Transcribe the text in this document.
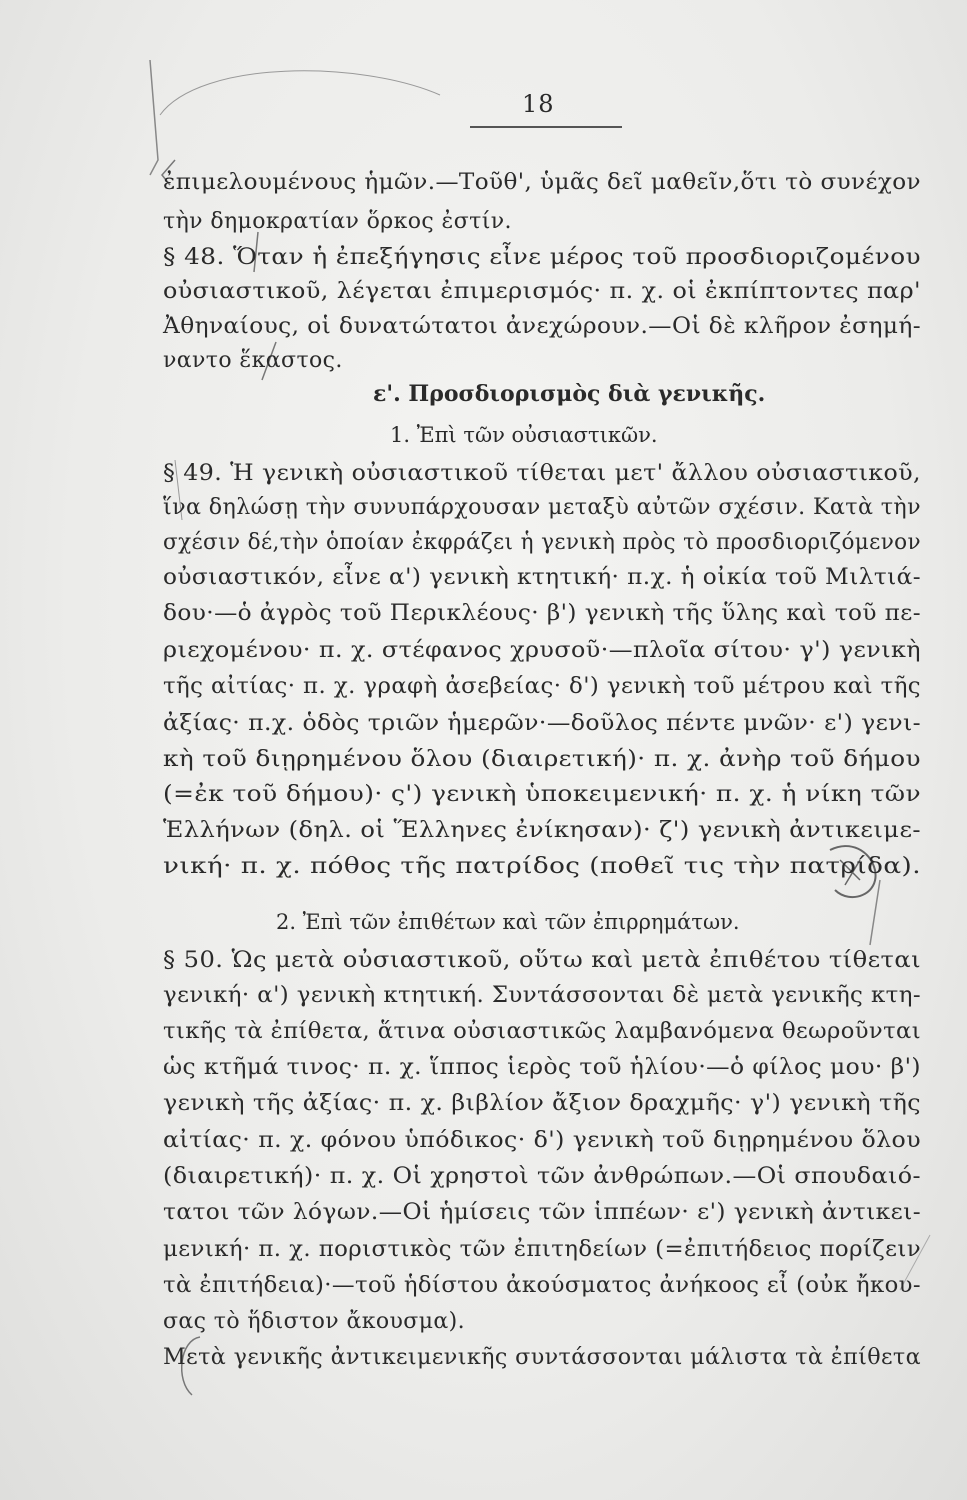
18
ε'. Προσδιορισμὸς διὰ γενικῆς.
1. Ἐπὶ τῶν οὐσιαστικῶν.
2. Ἐπὶ τῶν ἐπιθέτων καὶ τῶν ἐπιρρημάτων.
ἐπιμελουμένους ἡμῶν.—Τοῦθ', ὑμᾶς δεῖ μαθεῖν,ὅτι τὸ συνέχον
τὴν δημοκρατίαν ὅρκος ἐστίν.
§ 48. Ὅταν ἡ ἐπεξήγησις εἶνε μέρος τοῦ προσδιοριζομένου
οὐσιαστικοῦ, λέγεται ἐπιμερισμός· π. χ. οἱ ἐκπίπτοντες παρ'
Ἀθηναίους, οἱ δυνατώτατοι ἀνεχώρουν.—Οἱ δὲ κλῆρον ἐσημή-
ναντο ἕκαστος.
§ 49. Ἡ γενικὴ οὐσιαστικοῦ τίθεται μετ' ἄλλου οὐσιαστικοῦ,
ἵνα δηλώσῃ τὴν συνυπάρχουσαν μεταξὺ αὐτῶν σχέσιν. Κατὰ τὴν
σχέσιν δέ,τὴν ὁποίαν ἐκφράζει ἡ γενικὴ πρὸς τὸ προσδιοριζόμενον
οὐσιαστικόν, εἶνε α') γενικὴ κτητική· π.χ. ἡ οἰκία τοῦ Μιλτιά-
δου·—ὁ ἀγρὸς τοῦ Περικλέους· β') γενικὴ τῆς ὕλης καὶ τοῦ πε-
ριεχομένου· π. χ. στέφανος χρυσοῦ·—πλοῖα σίτου· γ') γενικὴ
τῆς αἰτίας· π. χ. γραφὴ ἀσεβείας· δ') γενικὴ τοῦ μέτρου καὶ τῆς
ἀξίας· π.χ. ὁδὸς τριῶν ἡμερῶν·—δοῦλος πέντε μνῶν· ε') γενι-
κὴ τοῦ διῃρημένου ὅλου (διαιρετική)· π. χ. ἀνὴρ τοῦ δήμου
(=ἐκ τοῦ δήμου)· ς') γενικὴ ὑποκειμενική· π. χ. ἡ νίκη τῶν
Ἑλλήνων (δηλ. οἱ Ἕλληνες ἐνίκησαν)· ζ') γενικὴ ἀντικειμε-
νική· π. χ. πόθος τῆς πατρίδος (ποθεῖ τις τὴν πατρίδα).
§ 50. Ὡς μετὰ οὐσιαστικοῦ, οὕτω καὶ μετὰ ἐπιθέτου τίθεται
γενική· α') γενικὴ κτητική. Συντάσσονται δὲ μετὰ γενικῆς κτη-
τικῆς τὰ ἐπίθετα, ἅτινα οὐσιαστικῶς λαμβανόμενα θεωροῦνται
ὡς κτῆμά τινος· π. χ. ἵππος ἱερὸς τοῦ ἡλίου·—ὁ φίλος μου· β')
γενικὴ τῆς ἀξίας· π. χ. βιβλίον ἄξιον δραχμῆς· γ') γενικὴ τῆς
αἰτίας· π. χ. φόνου ὑπόδικος· δ') γενικὴ τοῦ διῃρημένου ὅλου
(διαιρετική)· π. χ. Οἱ χρηστοὶ τῶν ἀνθρώπων.—Οἱ σπουδαιό-
τατοι τῶν λόγων.—Οἱ ἡμίσεις τῶν ἱππέων· ε') γενικὴ ἀντικει-
μενική· π. χ. ποριστικὸς τῶν ἐπιτηδείων (=ἐπιτήδειος πορίζειν
τὰ ἐπιτήδεια)·—τοῦ ἡδίστου ἀκούσματος ἀνήκοος εἶ (οὐκ ἤκου-
σας τὸ ἥδιστον ἄκουσμα).
Μετὰ γενικῆς ἀντικειμενικῆς συντάσσονται μάλιστα τὰ ἐπίθετα
